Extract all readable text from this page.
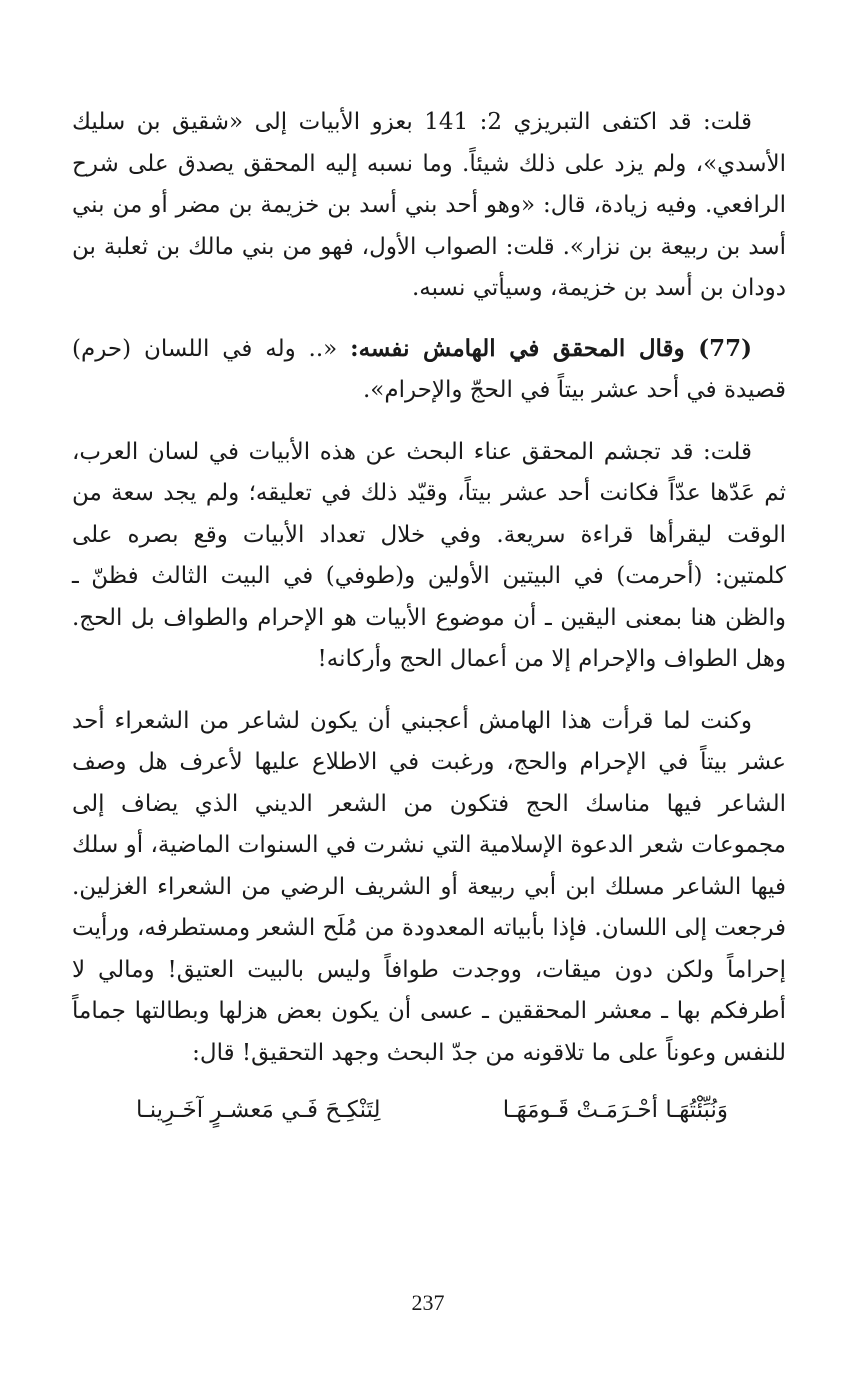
قلت: قد اكتفى التبريزي 2: 141 بعزو الأبيات إلى «شقيق بن سليك الأسدي»، ولم يزد على ذلك شيئاً. وما نسبه إليه المحقق يصدق على شرح الرافعي. وفيه زيادة، قال: «وهو أحد بني أسد بن خزيمة بن مضر أو من بني أسد بن ربيعة بن نزار». قلت: الصواب الأول، فهو من بني مالك بن ثعلبة بن دودان بن أسد بن خزيمة، وسيأتي نسبه.

(77) وقال المحقق في الهامش نفسه: «.. وله في اللسان (حرم) قصيدة في أحد عشر بيتاً في الحجّ والإحرام».

قلت: قد تجشم المحقق عناء البحث عن هذه الأبيات في لسان العرب، ثم عَدّها عدّاً فكانت أحد عشر بيتاً، وقيّد ذلك في تعليقه؛ ولم يجد سعة من الوقت ليقرأها قراءة سريعة. وفي خلال تعداد الأبيات وقع بصره على كلمتين: (أحرمت) في البيتين الأولين و(طوفي) في البيت الثالث فظنّ ـ والظن هنا بمعنى اليقين ـ أن موضوع الأبيات هو الإحرام والطواف بل الحج. وهل الطواف والإحرام إلا من أعمال الحج وأركانه!

وكنت لما قرأت هذا الهامش أعجبني أن يكون لشاعر من الشعراء أحد عشر بيتاً في الإحرام والحج، ورغبت في الاطلاع عليها لأعرف هل وصف الشاعر فيها مناسك الحج فتكون من الشعر الديني الذي يضاف إلى مجموعات شعر الدعوة الإسلامية التي نشرت في السنوات الماضية، أو سلك فيها الشاعر مسلك ابن أبي ربيعة أو الشريف الرضي من الشعراء الغزلين. فرجعت إلى اللسان. فإذا بأبياته المعدودة من مُلَح الشعر ومستطرفه، ورأيت إحراماً ولكن دون ميقات، ووجدت طوافاً وليس بالبيت العتيق! ومالي لا أطرفكم بها ـ معشر المحققين ـ عسى أن يكون بعض هزلها وبطالتها جماماً للنفس وعوناً على ما تلاقونه من جدّ البحث وجهد التحقيق! قال:

وَنُبِّئْتُهَـا أحْـرَمَـتْ قَـومَهَـا
لِتَنْكِـحَ فَـي مَعشـرٍ آخَـرِينـا
237
